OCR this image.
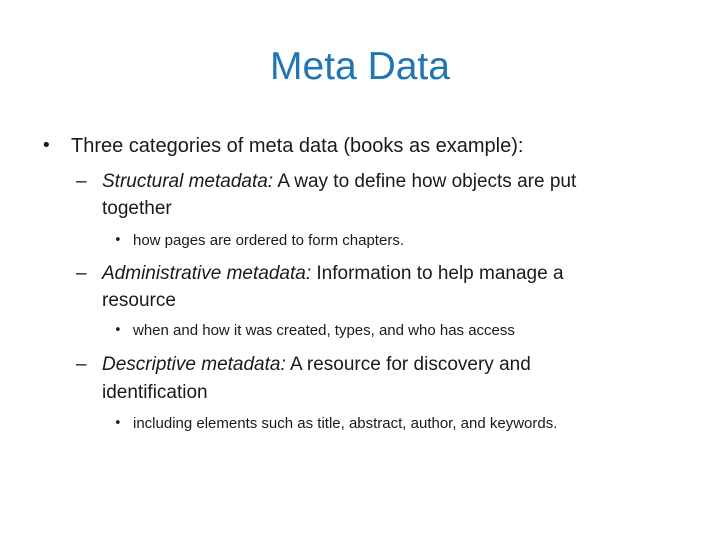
Meta Data
• Three categories of meta data (books as example):
– Structural metadata: A way to define how objects are put
together
• how pages are ordered to form chapters.
– Administrative metadata: Information to help manage a
resource
• when and how it was created, types, and who has access
– Descriptive metadata: A resource for discovery and
identification
• including elements such as title, abstract, author, and keywords.
